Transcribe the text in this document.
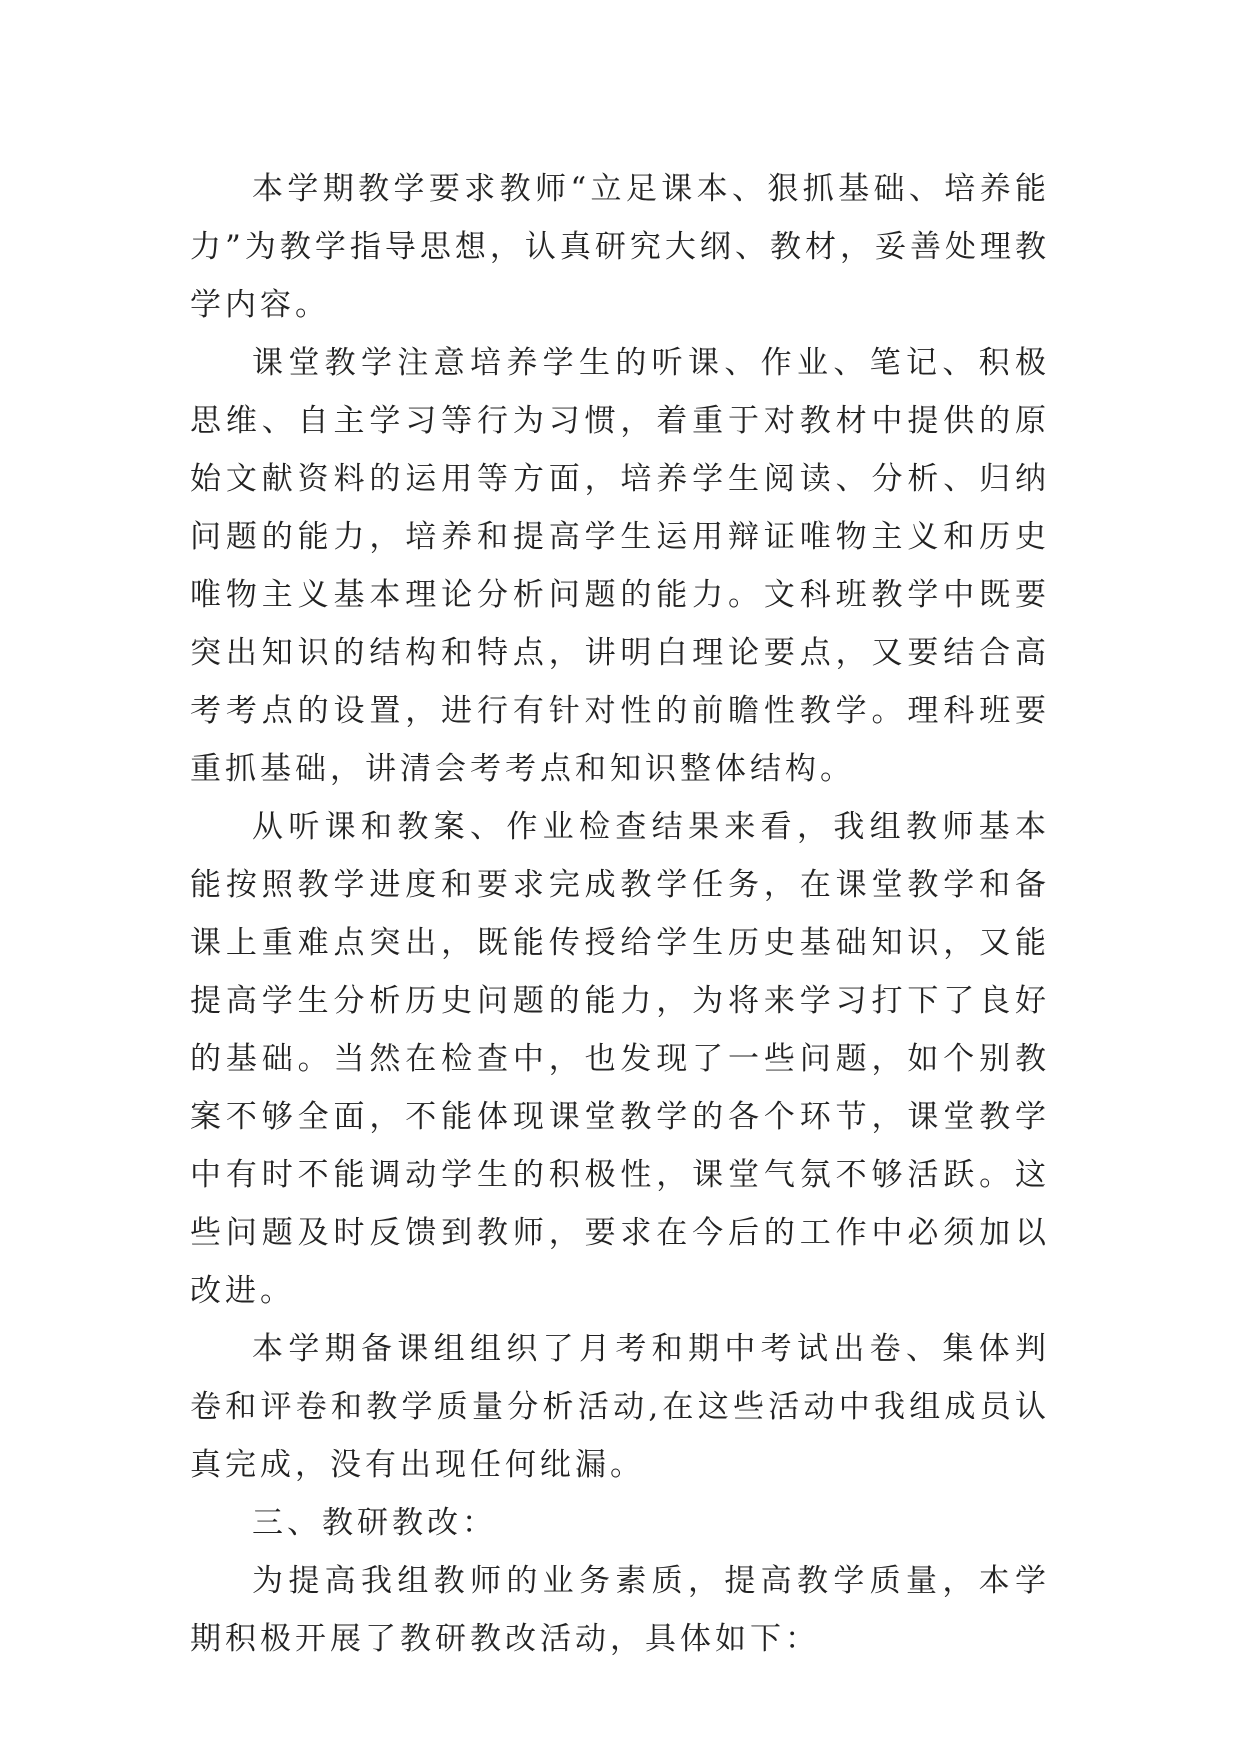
本学期教学要求教师“立足课本、狠抓基础、培养能力”为教学指导思想，认真研究大纲、教材，妥善处理教学内容。

课堂教学注意培养学生的听课、作业、笔记、积极思维、自主学习等行为习惯，着重于对教材中提供的原始文献资料的运用等方面，培养学生阅读、分析、归纳问题的能力，培养和提高学生运用辩证唯物主义和历史唯物主义基本理论分析问题的能力。文科班教学中既要突出知识的结构和特点，讲明白理论要点，又要结合高考考点的设置，进行有针对性的前瞻性教学。理科班要重抓基础，讲清会考考点和知识整体结构。

从听课和教案、作业检查结果来看，我组教师基本能按照教学进度和要求完成教学任务，在课堂教学和备课上重难点突出，既能传授给学生历史基础知识，又能提高学生分析历史问题的能力，为将来学习打下了良好的基础。当然在检查中，也发现了一些问题，如个别教案不够全面，不能体现课堂教学的各个环节，课堂教学中有时不能调动学生的积极性，课堂气氛不够活跃。这些问题及时反馈到教师，要求在今后的工作中必须加以改进。

本学期备课组组织了月考和期中考试出卷、集体判卷和评卷和教学质量分析活动,在这些活动中我组成员认真完成，没有出现任何纰漏。

三、教研教改：

为提高我组教师的业务素质，提高教学质量，本学期积极开展了教研教改活动，具体如下：
